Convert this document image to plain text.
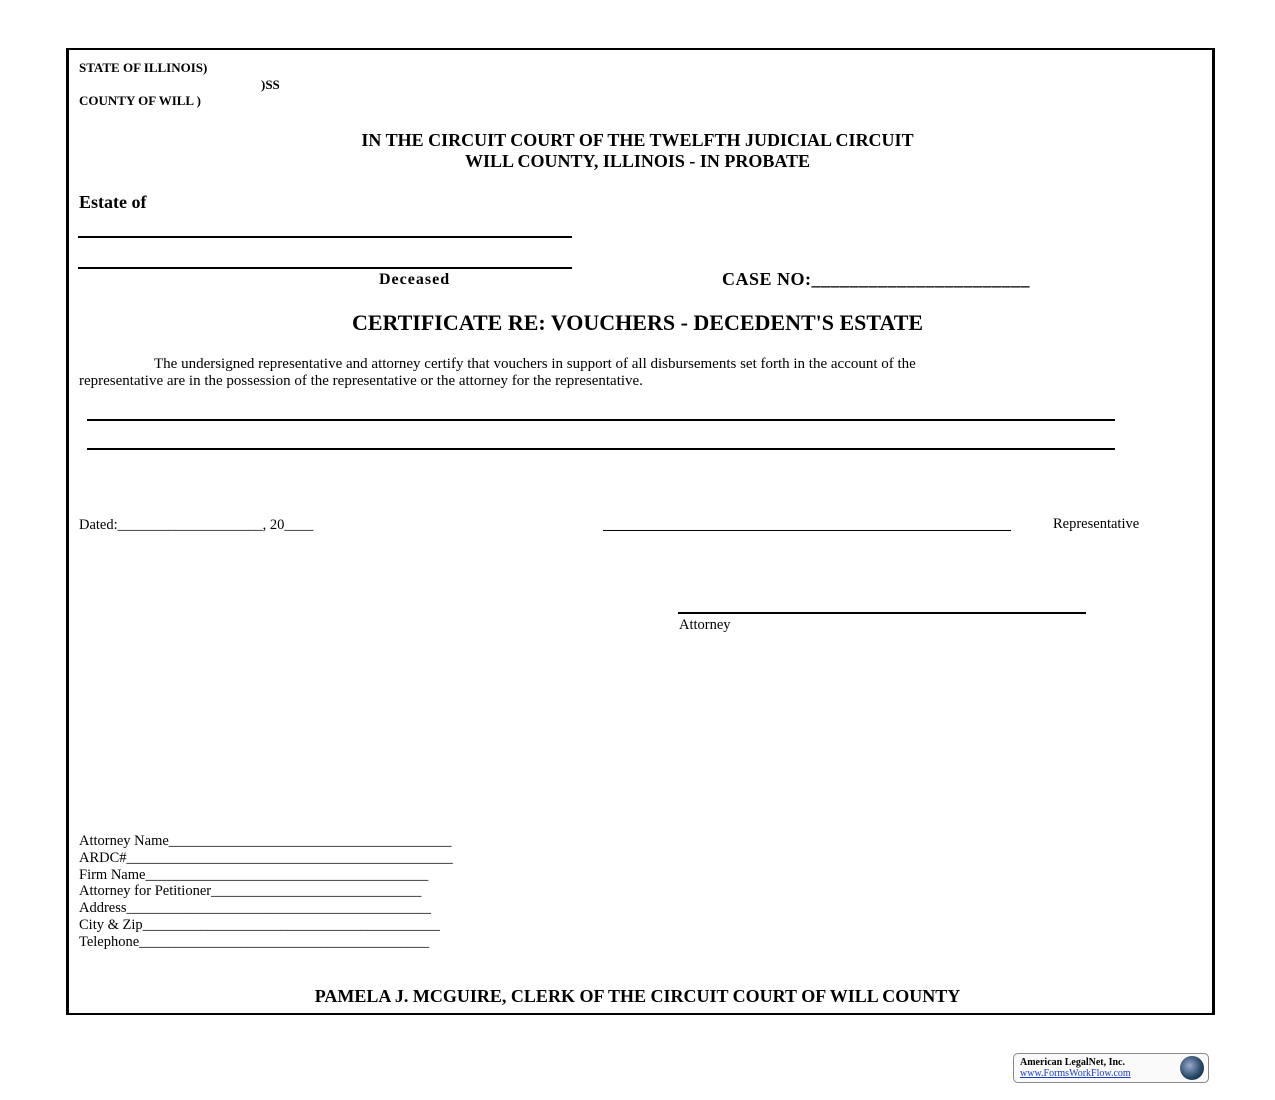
STATE OF ILLINOIS)
)SS
COUNTY OF WILL )
IN THE CIRCUIT COURT OF THE TWELFTH JUDICIAL CIRCUIT
WILL COUNTY, ILLINOIS - IN PROBATE
Estate of
Deceased	CASE NO:_______________________
CERTIFICATE RE: VOUCHERS - DECEDENT'S ESTATE
The undersigned representative and attorney certify that vouchers in support of all disbursements set forth in the account of the
representative are in the possession of the representative or the attorney for the representative.
Dated:____________________, 20____	Representative
Attorney
Attorney Name_______________________________________
ARDC#_____________________________________________
Firm Name_______________________________________
Attorney for Petitioner_____________________________
Address__________________________________________
City & Zip_________________________________________
Telephone________________________________________
PAMELA J. MCGUIRE, CLERK OF THE CIRCUIT COURT OF WILL COUNTY
American LegalNet, Inc.
www.FormsWorkFlow.com
